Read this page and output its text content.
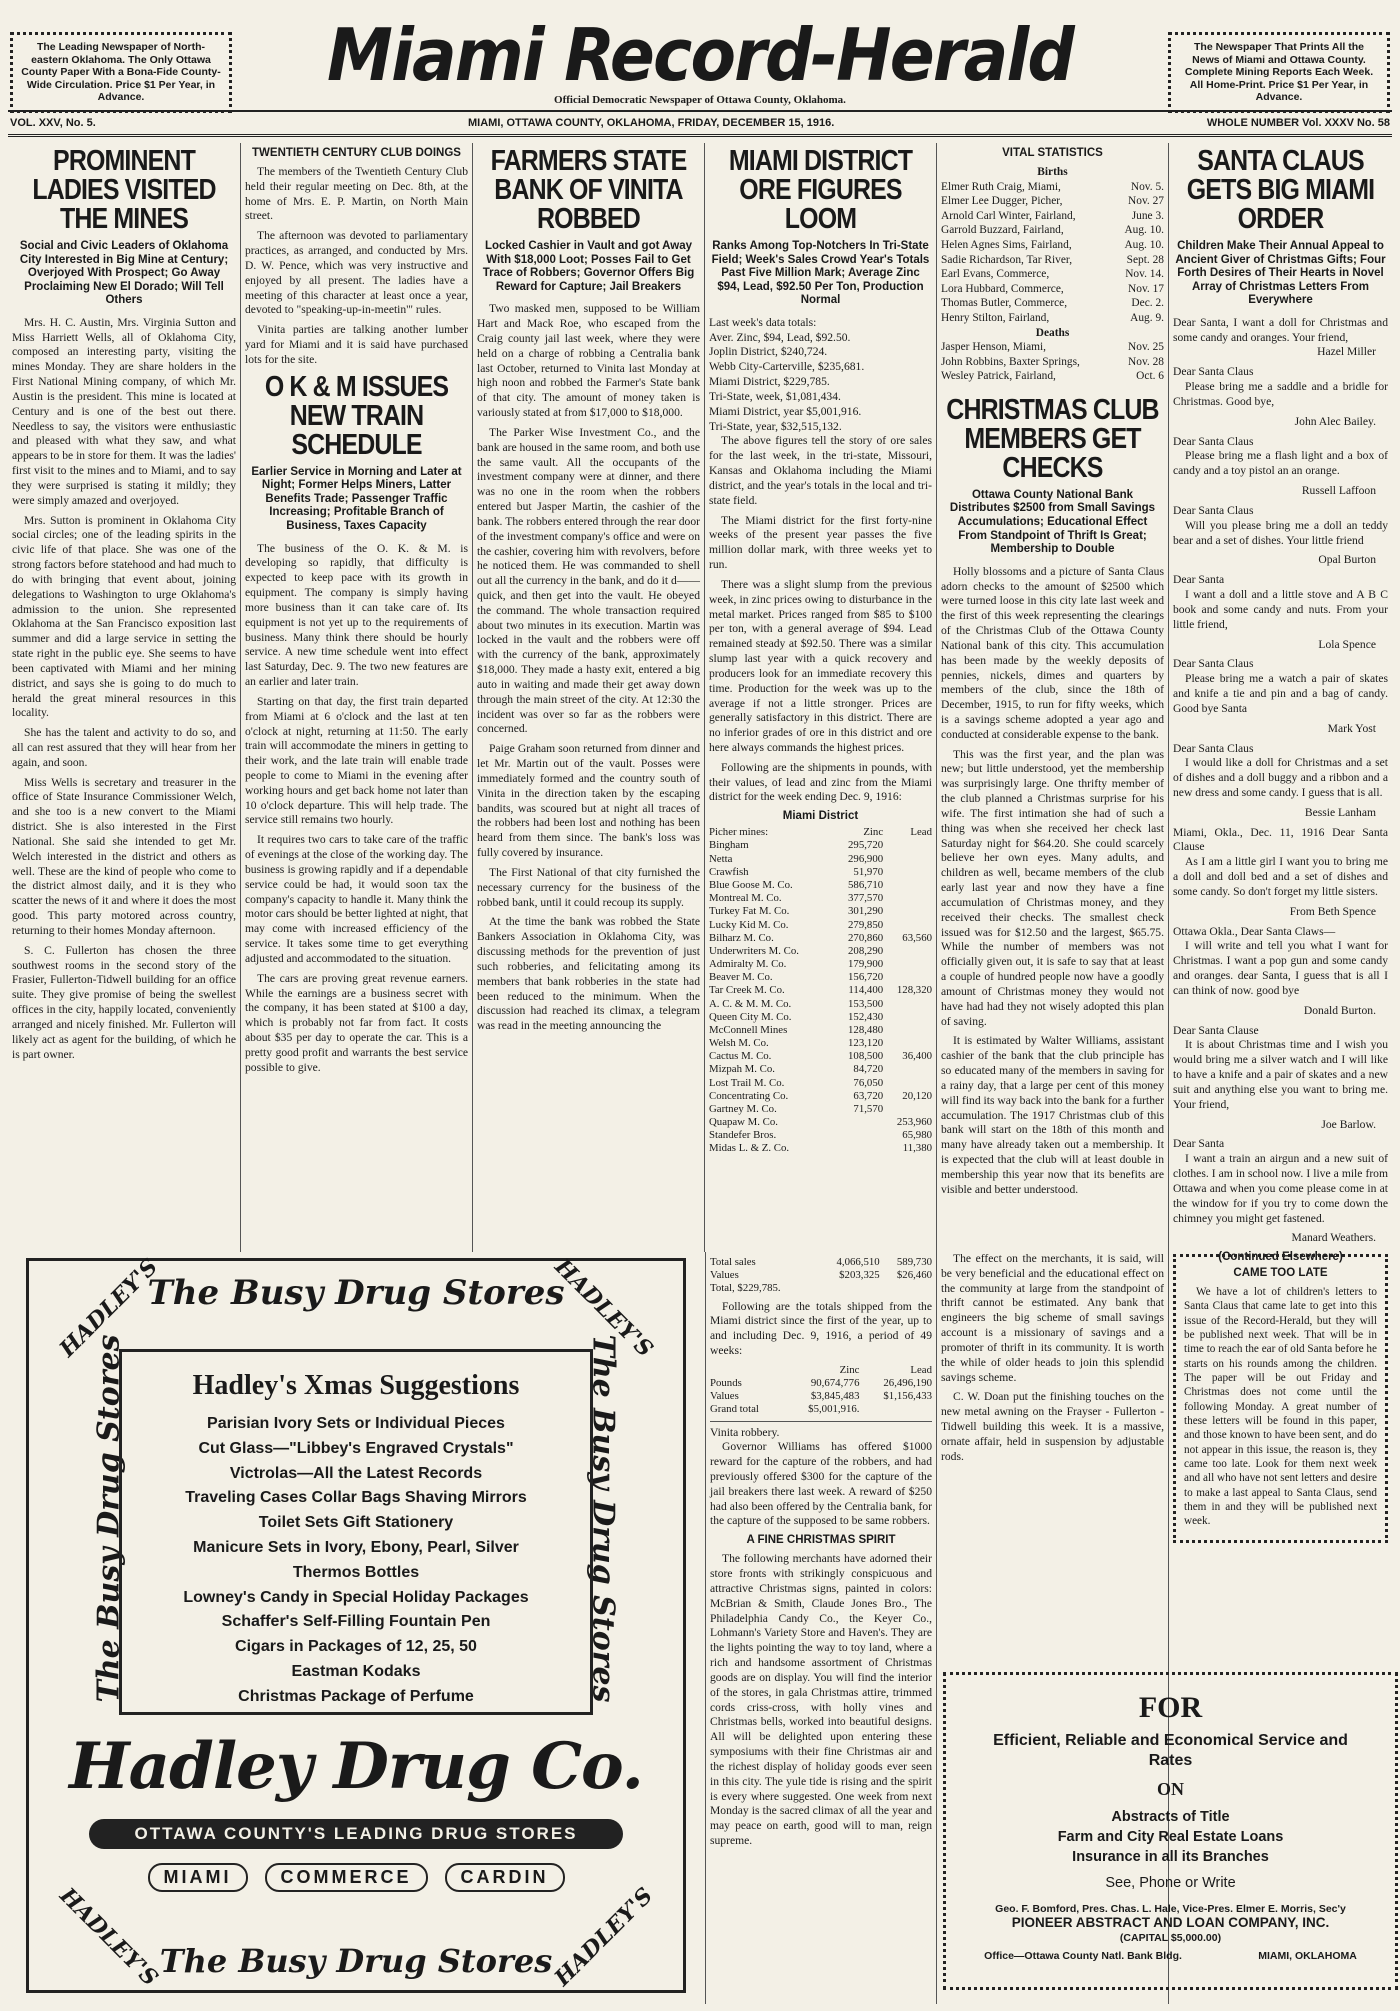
The Leading Newspaper of North-eastern Oklahoma. The Only Ottawa County Paper With a Bona-Fide County-Wide Circulation. Price $1 Per Year, in Advance.
Miami Record-Herald
Official Democratic Newspaper of Ottawa County, Oklahoma.
The Newspaper That Prints All the News of Miami and Ottawa County. Complete Mining Reports Each Week. All Home-Print. Price $1 Per Year, in Advance.
VOL. XXV, No. 5.	MIAMI, OTTAWA COUNTY, OKLAHOMA, FRIDAY, DECEMBER 15, 1916.	WHOLE NUMBER Vol. XXXV No. 58
PROMINENT LADIES VISITED THE MINES
Social and Civic Leaders of Oklahoma City Interested in Big Mine at Century; Overjoyed With Prospect; Go Away Proclaiming New El Dorado; Will Tell Others

Mrs. H. C. Austin, Mrs. Virginia Sutton and Miss Harriett Wells, all of Oklahoma City, composed an interesting party, visiting the mines Monday. They are share holders in the First National Mining company, of which Mr. Austin is the president. This mine is located at Century and is one of the best out there. Needless to say, the visitors were enthusiastic and pleased with what they saw, and what appears to be in store for them. It was the ladies' first visit to the mines and to Miami, and to say they were surprised is stating it mildly; they were simply amazed and overjoyed.

Mrs. Sutton is prominent in Oklahoma City social circles; one of the leading spirits in the civic life of that place. She was one of the strong factors before statehood and had much to do with bringing that event about, joining delegations to Washington to urge Oklahoma's admission to the union. She represented Oklahoma at the San Francisco exposition last summer and did a large service in setting the state right in the public eye. She seems to have been captivated with Miami and her mining district, and says she is going to do much to herald the great mineral resources in this locality.

She has the talent and activity to do so, and all can rest assured that they will hear from her again, and soon.

Miss Wells is secretary and treasurer in the office of State Insurance Commissioner Welch, and she too is a new convert to the Miami district. She is also interested in the First National. She said she intended to get Mr. Welch interested in the district and others as well. These are the kind of people who come to the district almost daily, and it is they who scatter the news of it and where it does the most good. This party motored across country, returning to their homes Monday afternoon.

S. C. Fullerton has chosen the three southwest rooms in the second story of the Frasier, Fullerton-Tidwell building for an office suite. They give promise of being the swellest offices in the city, happily located, conveniently arranged and nicely finished. Mr. Fullerton will likely act as agent for the building, of which he is part owner.

TWENTIETH CENTURY CLUB DOINGS

The members of the Twentieth Century Club held their regular meeting on Dec. 8th, at the home of Mrs. E. P. Martin, on North Main street.

The afternoon was devoted to parliamentary practices, as arranged, and conducted by Mrs. D. W. Pence, which was very instructive and enjoyed by all present. The ladies have a meeting of this character at least once a year, devoted to "speaking-up-in-meetin'" rules.

Vinita parties are talking another lumber yard for Miami and it is said have purchased lots for the site.

O K & M ISSUES NEW TRAIN SCHEDULE
Earlier Service in Morning and Later at Night; Former Helps Miners, Latter Benefits Trade; Passenger Traffic Increasing; Profitable Branch of Business, Taxes Capacity

The business of the O. K. & M. is developing so rapidly, that difficulty is expected to keep pace with its growth in equipment. The company is simply having more business than it can take care of. Its equipment is not yet up to the requirements of business. Many think there should be hourly service. A new time schedule went into effect last Saturday, Dec. 9. The two new features are an earlier and later train.

Starting on that day, the first train departed from Miami at 6 o'clock and the last at ten o'clock at night, returning at 11:50. The early train will accommodate the miners in getting to their work, and the late train will enable trade people to come to Miami in the evening after working hours and get back home not later than 10 o'clock departure. This will help trade. The service still remains two hourly.

It requires two cars to take care of the traffic of evenings at the close of the working day. The business is growing rapidly and if a dependable service could be had, it would soon tax the company's capacity to handle it. Many think the motor cars should be better lighted at night, that may come with increased efficiency of the service. It takes some time to get everything adjusted and accommodated to the situation.

The cars are proving great revenue earners. While the earnings are a business secret with the company, it has been stated at $100 a day, which is probably not far from fact. It costs about $35 per day to operate the car. This is a pretty good profit and warrants the best service possible to give.

FARMERS STATE BANK OF VINITA ROBBED
Locked Cashier in Vault and got Away With $18,000 Loot; Posses Fail to Get Trace of Robbers; Governor Offers Big Reward for Capture; Jail Breakers

Two masked men, supposed to be William Hart and Mack Roe, who escaped from the Craig county jail last week, where they were held on a charge of robbing a Centralia bank last October, returned to Vinita last Monday at high noon and robbed the Farmer's State bank of that city. The amount of money taken is variously stated at from $17,000 to $18,000.

The Parker Wise Investment Co., and the bank are housed in the same room, and both use the same vault. All the occupants of the investment company were at dinner, and there was no one in the room when the robbers entered but Jasper Martin, the cashier of the bank. The robbers entered through the rear door of the investment company's office and were on the cashier, covering him with revolvers, before he noticed them. He was commanded to shell out all the currency in the bank, and do it d—— quick, and then get into the vault. He obeyed the command. The whole transaction required about two minutes in its execution. Martin was locked in the vault and the robbers were off with the currency of the bank, approximately $18,000. They made a hasty exit, entered a big auto in waiting and made their get away down through the main street of the city. At 12:30 the incident was over so far as the robbers were concerned.

Paige Graham soon returned from dinner and let Mr. Martin out of the vault. Posses were immediately formed and the country south of Vinita in the direction taken by the escaping bandits, was scoured but at night all traces of the robbers had been lost and nothing has been heard from them since. The bank's loss was fully covered by insurance.

The First National of that city furnished the necessary currency for the business of the robbed bank, until it could recoup its supply.

At the time the bank was robbed the State Bankers Association in Oklahoma City, was discussing methods for the prevention of just such robberies, and felicitating among its members that bank robberies in the state had been reduced to the minimum. When the discussion had reached its climax, a telegram was read in the meeting announcing the

MIAMI DISTRICT ORE FIGURES LOOM
Ranks Among Top-Notchers In Tri-State Field; Week's Sales Crowd Year's Totals Past Five Million Mark; Average Zinc $94, Lead, $92.50 Per Ton, Production Normal
Last week's data totals:
Aver. Zinc, $94, Lead, $92.50.
Joplin District, $240,724.
Webb City-Carterville, $235,681.
Miami District, $229,785.
Tri-State, week, $1,081,434.
Miami District, year $5,001,916.
Tri-State, year, $32,515,132.

The above figures tell the story of ore sales for the last week, in the tri-state, Missouri, Kansas and Oklahoma including the Miami district, and the year's totals in the local and tri-state field.

The Miami district for the first forty-nine weeks of the present year passes the five million dollar mark, with three weeks yet to run.

There was a slight slump from the previous week, in zinc prices owing to disturbance in the metal market. Prices ranged from $85 to $100 per ton, with a general average of $94. Lead remained steady at $92.50. There was a similar slump last year with a quick recovery and producers look for an immediate recovery this time. Production for the week was up to the average if not a little stronger. Prices are generally satisfactory in this district. There are no inferior grades of ore in this district and ore here always commands the highest prices.

Following are the shipments in pounds, with their values, of lead and zinc from the Miami district for the week ending Dec. 9, 1916:

Miami District
Picher mines:	Zinc	Lead
Bingham	295,720	
Netta	296,900	
Crawfish	51,970	
Blue Goose M. Co.	586,710	
Montreal M. Co.	377,570	
Turkey Fat M. Co.	301,290	
Lucky Kid M. Co.	279,850	
Bilharz M. Co.	270,860	63,560
Underwriters M. Co.	208,290	
Admiralty M. Co.	179,900	
Beaver M. Co.	156,720	
Tar Creek M. Co.	114,400	128,320
A. C. & M. M. Co.	153,500	
Queen City M. Co.	152,430	
McConnell Mines	128,480	
Welsh M. Co.	123,120	
Cactus M. Co.	108,500	36,400
Mizpah M. Co.	84,720	
Lost Trail M. Co.	76,050	
Concentrating Co.	63,720	20,120
Gartney M. Co.	71,570	
Quapaw M. Co.		253,960
Standefer Bros.		65,980
Midas L. & Z. Co.		11,380
VITAL STATISTICS
Births
Elmer Ruth Craig, Miami,	Nov. 5.
Elmer Lee Dugger, Picher,	Nov. 27
Arnold Carl Winter, Fairland,	June 3.
Garrold Buzzard, Fairland,	Aug. 10.
Helen Agnes Sims, Fairland,	Aug. 10.
Sadie Richardson, Tar River,	Sept. 28
Earl Evans, Commerce,	Nov. 14.
Lora Hubbard, Commerce,	Nov. 17
Thomas Butler, Commerce,	Dec. 2.
Henry Stilton, Fairland,	Aug. 9.
Deaths
Jasper Henson, Miami,	Nov. 25
John Robbins, Baxter Springs,	Nov. 28
Wesley Patrick, Fairland,	Oct. 6
CHRISTMAS CLUB MEMBERS GET CHECKS
Ottawa County National Bank Distributes $2500 from Small Savings Accumulations; Educational Effect From Standpoint of Thrift Is Great; Membership to Double

Holly blossoms and a picture of Santa Claus adorn checks to the amount of $2500 which were turned loose in this city late last week and the first of this week representing the clearings of the Christmas Club of the Ottawa County National bank of this city. This accumulation has been made by the weekly deposits of pennies, nickels, dimes and quarters by members of the club, since the 18th of December, 1915, to run for fifty weeks, which is a savings scheme adopted a year ago and conducted at considerable expense to the bank.

This was the first year, and the plan was new; but little understood, yet the membership was surprisingly large. One thrifty member of the club planned a Christmas surprise for his wife. The first intimation she had of such a thing was when she received her check last Saturday night for $64.20. She could scarcely believe her own eyes. Many adults, and children as well, became members of the club early last year and now they have a fine accumulation of Christmas money, and they received their checks. The smallest check issued was for $12.50 and the largest, $65.75. While the number of members was not officially given out, it is safe to say that at least a couple of hundred people now have a goodly amount of Christmas money they would not have had had they not wisely adopted this plan of saving.

It is estimated by Walter Williams, assistant cashier of the bank that the club principle has so educated many of the members in saving for a rainy day, that a large per cent of this money will find its way back into the bank for a further accumulation. The 1917 Christmas club of this bank will start on the 18th of this month and many have already taken out a membership. It is expected that the club will at least double in membership this year now that its benefits are visible and better understood.

SANTA CLAUS GETS BIG MIAMI ORDER
Children Make Their Annual Appeal to Ancient Giver of Christmas Gifts; Four Forth Desires of Their Hearts in Novel Array of Christmas Letters From Everywhere
Dear Santa, I want a doll for Christmas and some candy and oranges. Your friend,
Hazel Miller
Dear Santa Claus

Please bring me a saddle and a bridle for Christmas. Good bye,

John Alec Bailey.
Dear Santa Claus

Please bring me a flash light and a box of candy and a toy pistol an an orange.

Russell Laffoon
Dear Santa Claus

Will you please bring me a doll an teddy bear and a set of dishes. Your little friend

Opal Burton
Dear Santa

I want a doll and a little stove and A B C book and some candy and nuts. From your little friend,

Lola Spence
Dear Santa Claus

Please bring me a watch a pair of skates and knife a tie and pin and a bag of candy. Good bye Santa

Mark Yost
Dear Santa Claus

I would like a doll for Christmas and a set of dishes and a doll buggy and a ribbon and a new dress and some candy. I guess that is all.

Bessie Lanham
Miami, Okla., Dec. 11, 1916 Dear Santa Clause

As I am a little girl I want you to bring me a doll and doll bed and a set of dishes and some candy. So don't forget my little sisters.

From Beth Spence
Ottawa Okla., Dear Santa Claws—

I will write and tell you what I want for Christmas. I want a pop gun and some candy and oranges. dear Santa, I guess that is all I can think of now. good bye

Donald Burton.
Dear Santa Clause

It is about Christmas time and I wish you would bring me a silver watch and I will like to have a knife and a pair of skates and a new suit and anything else you want to bring me. Your friend,

Joe Barlow.
Dear Santa

I want a train an airgun and a new suit of clothes. I am in school now. I live a mile from Ottawa and when you come please come in at the window for if you try to come down the chimney you might get fastened.

Manard Weathers.
(Continued Elsewhere)
The Busy Drug Stores
HADLEY'S	HADLEY'S
The Busy Drug Stores	The Busy Drug Stores
Hadley's Xmas Suggestions
Parisian Ivory Sets or Individual Pieces
Cut Glass—"Libbey's Engraved Crystals"
Victrolas—All the Latest Records
Traveling Cases Collar Bags Shaving Mirrors
Toilet Sets Gift Stationery
Manicure Sets in Ivory, Ebony, Pearl, Silver
Thermos Bottles
Lowney's Candy in Special Holiday Packages
Schaffer's Self-Filling Fountain Pen
Cigars in Packages of 12, 25, 50
Eastman Kodaks
Christmas Package of Perfume
Hadley Drug Co.
OTTAWA COUNTY'S LEADING DRUG STORES
MIAMI	COMMERCE	CARDIN
HADLEY'S	HADLEY'S
The Busy Drug Stores
Total sales	4,066,510	589,730
Values	$203,325	$26,460
Total, $229,785.		

Following are the totals shipped from the Miami district since the first of the year, up to and including Dec. 9, 1916, a period of 49 weeks:

	Zinc	Lead
Pounds	90,674,776	26,496,190
Values	$3,845,483	$1,156,433
Grand total	$5,001,916.	
Vinita robbery.

Governor Williams has offered $1000 reward for the capture of the robbers, and had previously offered $300 for the capture of the jail breakers there last week. A reward of $250 had also been offered by the Centralia bank, for the capture of the supposed to be same robbers.

A FINE CHRISTMAS SPIRIT

The following merchants have adorned their store fronts with strikingly conspicuous and attractive Christmas signs, painted in colors: McBrian & Smith, Claude Jones Bro., The Philadelphia Candy Co., the Keyer Co., Lohmann's Variety Store and Haven's. They are the lights pointing the way to toy land, where a rich and handsome assortment of Christmas goods are on display. You will find the interior of the stores, in gala Christmas attire, trimmed cords criss-cross, with holly vines and Christmas bells, worked into beautiful designs. All will be delighted upon entering these symposiums with their fine Christmas air and the richest display of holiday goods ever seen in this city. The yule tide is rising and the spirit is every where suggested. One week from next Monday is the sacred climax of all the year and may peace on earth, good will to man, reign supreme.

The effect on the merchants, it is said, will be very beneficial and the educational effect on the community at large from the standpoint of thrift cannot be estimated. Any bank that engineers the big scheme of small savings account is a missionary of savings and a promoter of thrift in its community. It is worth the while of older heads to join this splendid savings scheme.

C. W. Doan put the finishing touches on the new metal awning on the Frayser - Fullerton - Tidwell building this week. It is a massive, ornate affair, held in suspension by adjustable rods.

CAME TOO LATE

We have a lot of children's letters to Santa Claus that came late to get into this issue of the Record-Herald, but they will be published next week. That will be in time to reach the ear of old Santa before he starts on his rounds among the children. The paper will be out Friday and Christmas does not come until the following Monday. A great number of these letters will be found in this paper, and those known to have been sent, and do not appear in this issue, the reason is, they came too late. Look for them next week and all who have not sent letters and desire to make a last appeal to Santa Claus, send them in and they will be published next week.

FOR
Efficient, Reliable and Economical Service and Rates
ON
Abstracts of Title
Farm and City Real Estate Loans
Insurance in all its Branches
See, Phone or Write
Geo. F. Bomford, Pres. Chas. L. Hale, Vice-Pres. Elmer E. Morris, Sec'y
PIONEER ABSTRACT AND LOAN COMPANY, INC.
(CAPITAL $5,000.00)
Office—Ottawa County Natl. Bank Bldg.	MIAMI, OKLAHOMA
